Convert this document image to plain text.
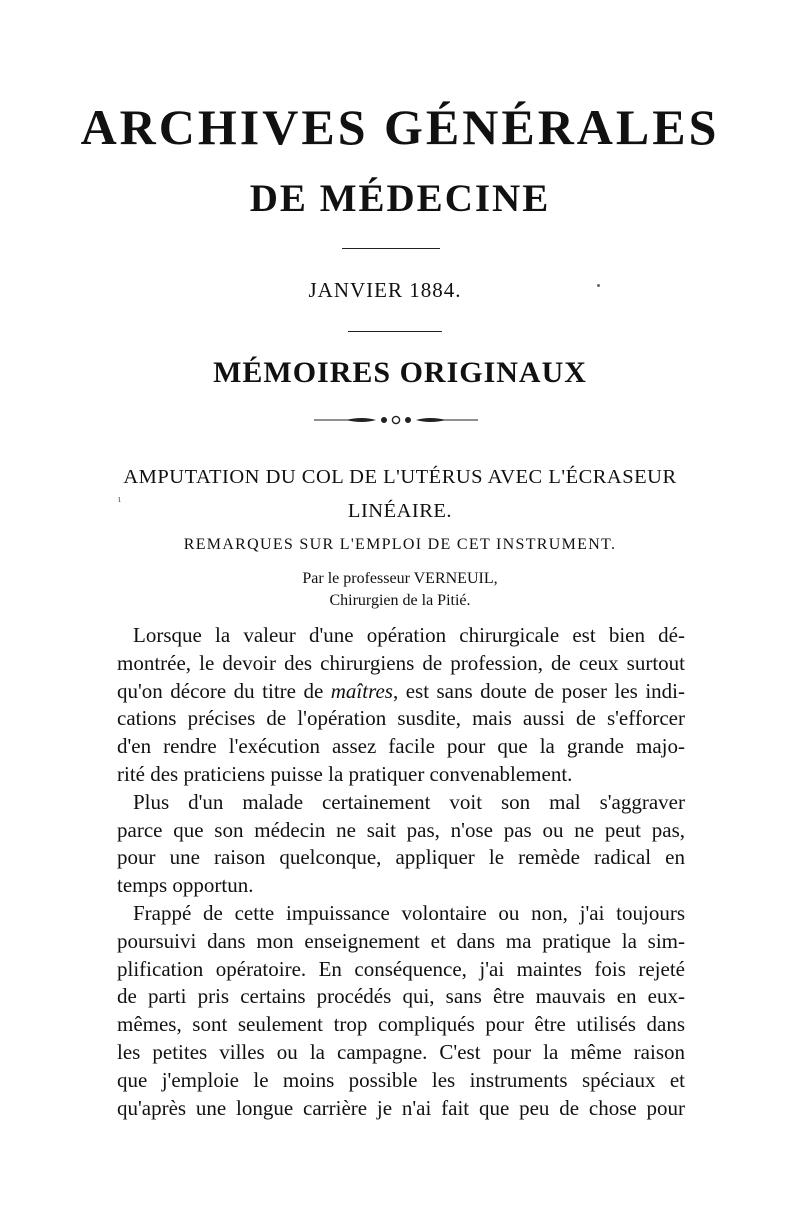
ARCHIVES GÉNÉRALES
DE MÉDECINE
JANVIER 1884.
MÉMOIRES ORIGINAUX
AMPUTATION DU COL DE L'UTÉRUS AVEC L'ÉCRASEUR
LINÉAIRE.
ι
REMARQUES SUR L'EMPLOI DE CET INSTRUMENT.
Par le professeur VERNEUIL,
Chirurgien de la Pitié.
Lorsque la valeur d'une opération chirurgicale est bien dé-
montrée, le devoir des chirurgiens de profession, de ceux surtout
qu'on décore du titre de maîtres, est sans doute de poser les indi-
cations précises de l'opération susdite, mais aussi de s'efforcer
d'en rendre l'exécution assez facile pour que la grande majo-
rité des praticiens puisse la pratiquer convenablement.
Plus d'un malade certainement voit son mal s'aggraver
parce que son médecin ne sait pas, n'ose pas ou ne peut pas,
pour une raison quelconque, appliquer le remède radical en
temps opportun.
Frappé de cette impuissance volontaire ou non, j'ai toujours
poursuivi dans mon enseignement et dans ma pratique la sim-
plification opératoire. En conséquence, j'ai maintes fois rejeté
de parti pris certains procédés qui, sans être mauvais en eux-
mêmes, sont seulement trop compliqués pour être utilisés dans
les petites villes ou la campagne. C'est pour la même raison
que j'emploie le moins possible les instruments spéciaux et
qu'après une longue carrière je n'ai fait que peu de chose pour
